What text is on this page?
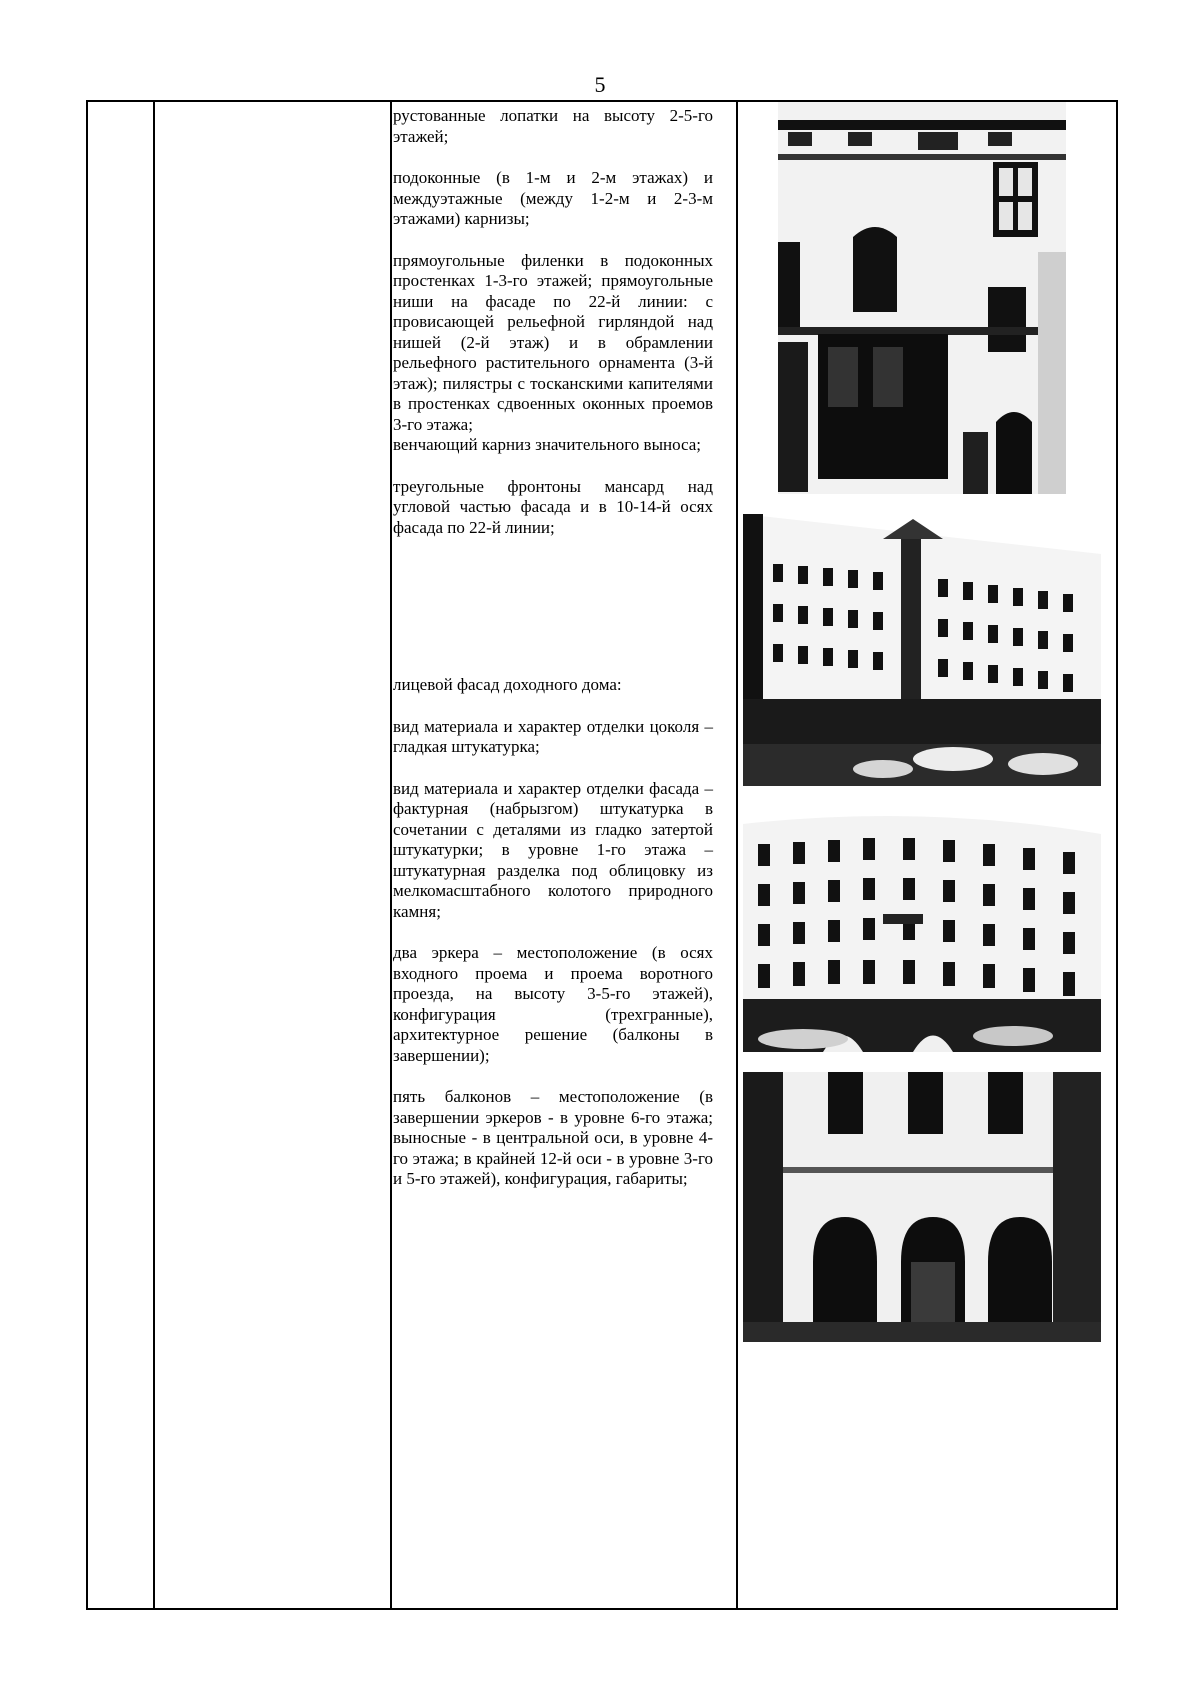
5

рустованные лопатки на высоту 2-5-го этажей;

подоконные (в 1-м и 2-м этажах) и междуэтажные (между 1-2-м и 2-3-м этажами) карнизы;

прямоугольные филенки в подоконных простенках 1-3-го этажей; прямоугольные ниши на фасаде по 22-й линии: с провисающей рельефной гирляндой над нишей (2-й этаж) и в обрамлении рельефного растительного орнамента (3-й этаж); пилястры с тосканскими капителями в простенках сдвоенных оконных проемов 3-го этажа;

венчающий карниз значительного выноса;

треугольные фронтоны мансард над угловой частью фасада и в 10-14-й осях фасада по 22-й линии;

лицевой фасад доходного дома:

вид материала и характер отделки цоколя – гладкая штукатурка;

вид материала и характер отделки фасада – фактурная (набрызгом) штукатурка в сочетании с деталями из гладко затертой штукатурки; в уровне 1-го этажа – штукатурная разделка под облицовку из мелкомасштабного колотого природного камня;

два эркера – местоположение (в осях входного проема и проема воротного проезда, на высоту 3-5-го этажей), конфигурация (трехгранные), архитектурное решение (балконы в завершении);

пять балконов – местоположение (в завершении эркеров - в уровне 6-го этажа; выносные - в центральной оси, в уровне 4-го этажа; в крайней 12-й оси - в уровне 3-го и 5-го этажей), конфигурация, габариты;
